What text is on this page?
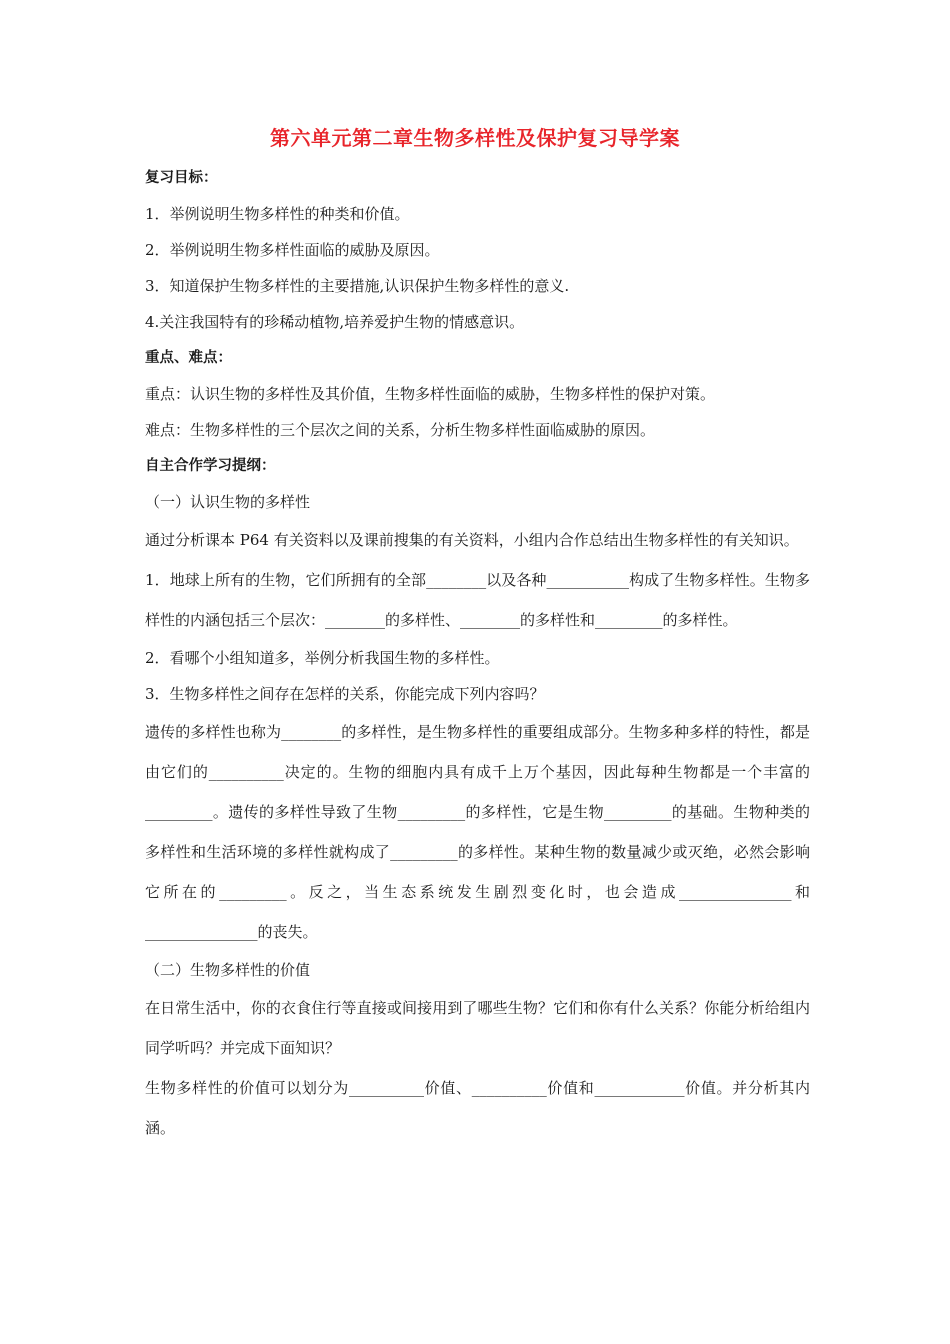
第六单元第二章生物多样性及保护复习导学案

复习目标：

1．举例说明生物多样性的种类和价值。

2．举例说明生物多样性面临的威胁及原因。

3．知道保护生物多样性的主要措施,认识保护生物多样性的意义.

4.关注我国特有的珍稀动植物,培养爱护生物的情感意识。

重点、难点：

重点：认识生物的多样性及其价值，生物多样性面临的威胁，生物多样性的保护对策。

难点：生物多样性的三个层次之间的关系，分析生物多样性面临威胁的原因。

自主合作学习提纲：

（一）认识生物的多样性

通过分析课本 P64 有关资料以及课前搜集的有关资料，小组内合作总结出生物多样性的有关知识。

1．地球上所有的生物，它们所拥有的全部________以及各种___________构成了生物多样性。生物多样性的内涵包括三个层次：________的多样性、________的多样性和_________的多样性。

2．看哪个小组知道多，举例分析我国生物的多样性。

3．生物多样性之间存在怎样的关系，你能完成下列内容吗？

遗传的多样性也称为________的多样性，是生物多样性的重要组成部分。生物多种多样的特性，都是由它们的__________决定的。生物的细胞内具有成千上万个基因，因此每种生物都是一个丰富的_________。遗传的多样性导致了生物_________的多样性，它是生物_________的基础。生物种类的多样性和生活环境的多样性就构成了_________的多样性。某种生物的数量减少或灭绝，必然会影响它所在的_________。反之，当生态系统发生剧烈变化时，也会造成_______________和_______________的丧失。

（二）生物多样性的价值

在日常生活中，你的衣食住行等直接或间接用到了哪些生物？它们和你有什么关系？你能分析给组内同学听吗？并完成下面知识？

生物多样性的价值可以划分为__________价值、__________价值和____________价值。并分析其内涵。
